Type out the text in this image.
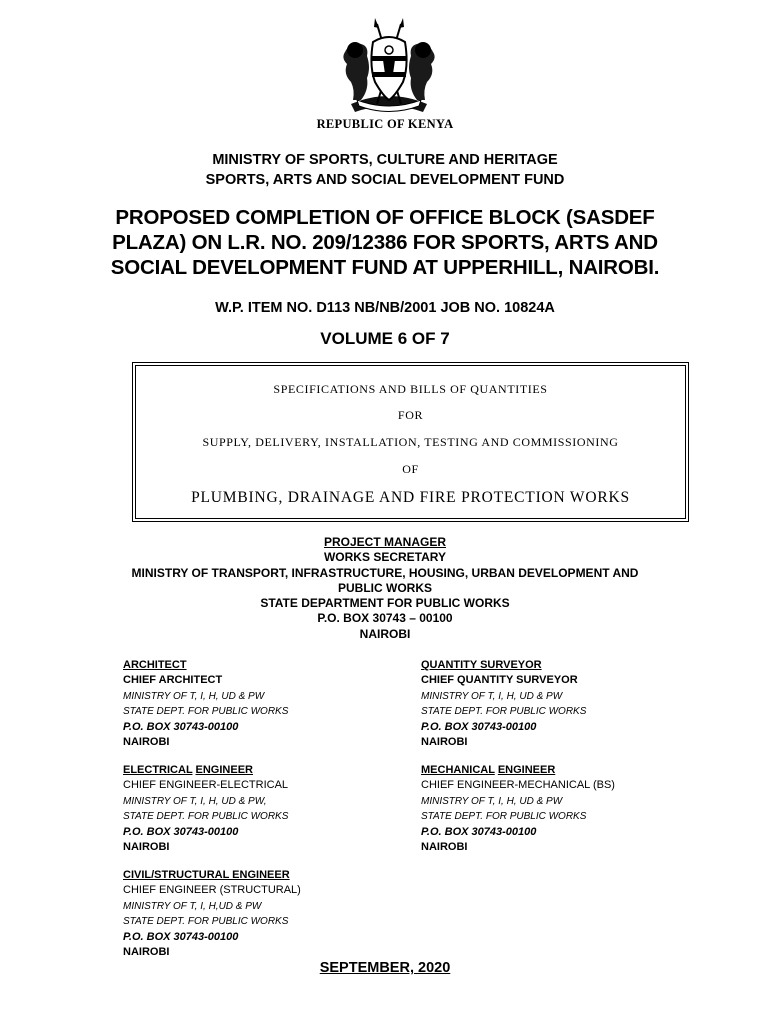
REPUBLIC OF KENYA
MINISTRY OF SPORTS, CULTURE AND HERITAGE
SPORTS, ARTS AND SOCIAL DEVELOPMENT FUND
PROPOSED COMPLETION OF OFFICE BLOCK (SASDEF
PLAZA) ON L.R. NO. 209/12386 FOR SPORTS, ARTS AND
SOCIAL DEVELOPMENT FUND AT UPPERHILL, NAIROBI.
W.P. ITEM NO. D113 NB/NB/2001 JOB NO. 10824A
VOLUME 6 OF 7
SPECIFICATIONS AND BILLS OF QUANTITIES
FOR
SUPPLY, DELIVERY, INSTALLATION, TESTING AND COMMISSIONING
OF
PLUMBING, DRAINAGE AND FIRE PROTECTION WORKS
PROJECT MANAGER
WORKS SECRETARY
MINISTRY OF TRANSPORT, INFRASTRUCTURE, HOUSING, URBAN DEVELOPMENT AND
PUBLIC WORKS
STATE DEPARTMENT FOR PUBLIC WORKS
P.O. BOX 30743 – 00100
NAIROBI
ARCHITECT
CHIEF ARCHITECT
MINISTRY OF T, I, H, UD & PW
STATE DEPT. FOR PUBLIC WORKS
P.O. BOX 30743-00100
NAIROBI
QUANTITY SURVEYOR
CHIEF QUANTITY SURVEYOR
MINISTRY OF T, I, H, UD & PW
STATE DEPT. FOR PUBLIC WORKS
P.O. BOX 30743-00100
NAIROBI
ELECTRICAL ENGINEER
CHIEF ENGINEER-ELECTRICAL
MINISTRY OF T, I, H, UD & PW,
STATE DEPT. FOR PUBLIC WORKS
P.O. BOX 30743-00100
NAIROBI
MECHANICAL ENGINEER
CHIEF ENGINEER-MECHANICAL (BS)
MINISTRY OF T, I, H, UD & PW
STATE DEPT. FOR PUBLIC WORKS
P.O. BOX 30743-00100
NAIROBI
CIVIL/STRUCTURAL ENGINEER
CHIEF ENGINEER (STRUCTURAL)
MINISTRY OF T, I, H,UD & PW
STATE DEPT. FOR PUBLIC WORKS
P.O. BOX 30743-00100
NAIROBI
SEPTEMBER, 2020
